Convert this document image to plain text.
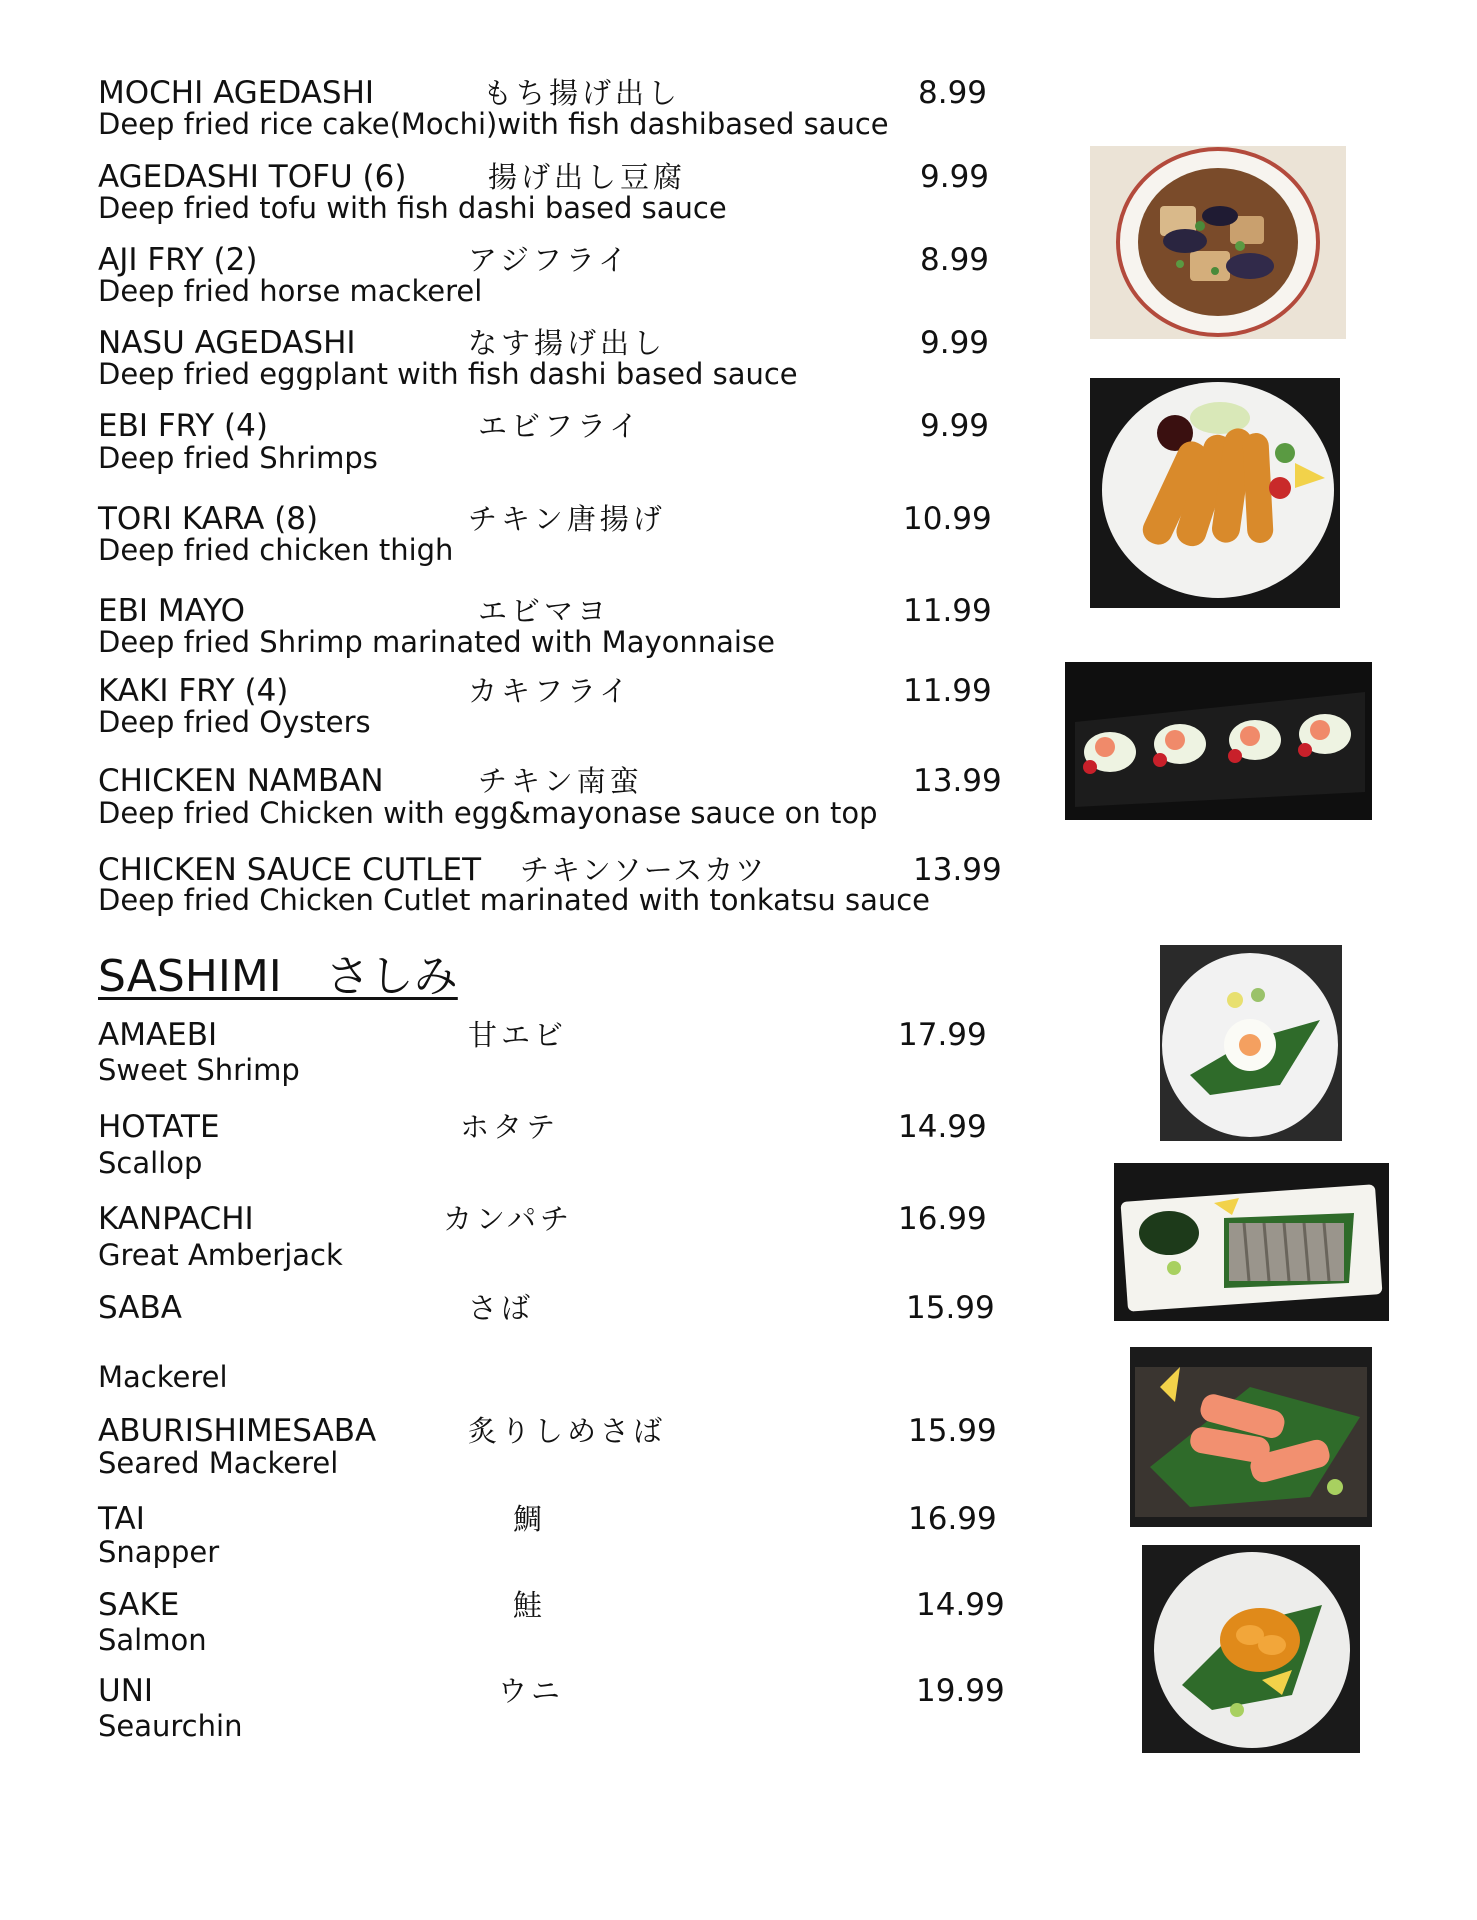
MOCHI AGEDASHI	もち揚げ出し	8.99
Deep fried rice cake(Mochi)with fish dashibased sauce
AGEDASHI TOFU (6)	揚げ出し豆腐	9.99
Deep fried tofu with fish dashi based sauce
AJI FRY (2)	アジフライ	8.99
Deep fried horse mackerel
NASU AGEDASHI	なす揚げ出し	9.99
Deep fried eggplant with fish dashi based sauce
EBI FRY (4)	エビフライ	9.99
Deep fried Shrimps
TORI KARA (8)	チキン唐揚げ	10.99
Deep fried chicken thigh
EBI MAYO	エビマヨ	11.99
Deep fried Shrimp marinated with Mayonnaise
KAKI FRY (4)	カキフライ	11.99
Deep fried Oysters
CHICKEN NAMBAN	チキン南蛮	13.99
Deep fried Chicken with egg&mayonase sauce on top
CHICKEN SAUCE CUTLET チキンソースカツ	13.99
Deep fried Chicken Cutlet marinated with tonkatsu sauce
SASHIMI　さしみ
AMAEBI	甘エビ	17.99
Sweet Shrimp
HOTATE	ホタテ	14.99
Scallop
KANPACHI	カンパチ	16.99
Great Amberjack
SABA	さば	15.99
Mackerel
ABURISHIMESABA	炙りしめさば	15.99
Seared Mackerel
TAI	鯛	16.99
Snapper
SAKE	鮭	14.99
Salmon
UNI	ウニ	19.99
Seaurchin
